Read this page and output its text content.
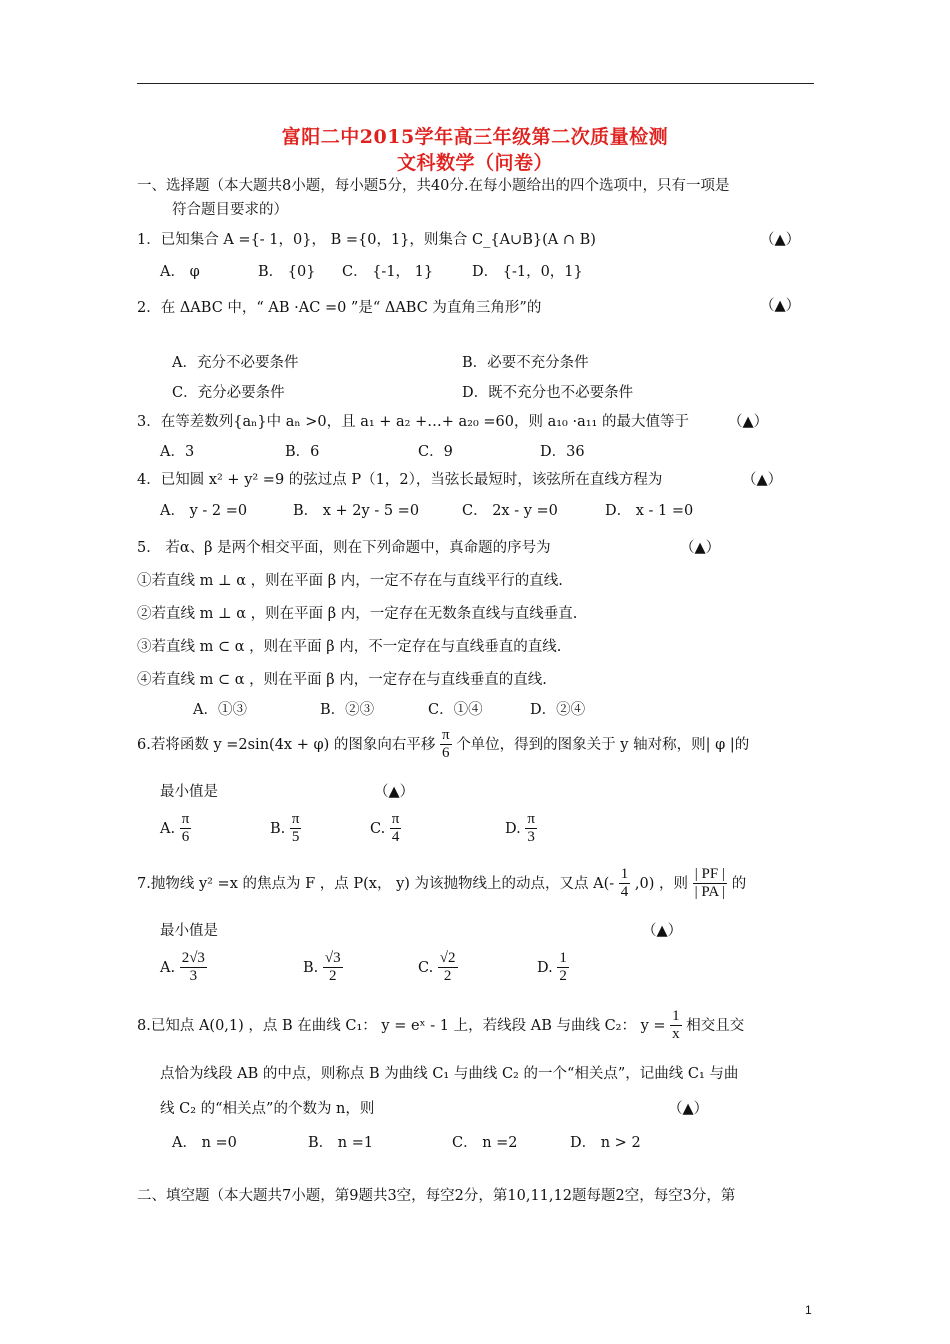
富阳二中2015学年高三年级第二次质量检测
文科数学（问卷）
一、选择题（本大题共8小题，每小题5分，共40分.在每小题给出的四个选项中，只有一项是
符合题目要求的）
1．已知集合 A ={- 1，0}， B ={0，1}，则集合 C_{A∪B}(A ∩ B)	（▲）
A． φ	B． {0} C． {-1， 1}	D． {-1，0，1}
2．在 ΔABC 中，“ AB ·AC =0 ”是“ ΔABC 为直角三角形”的	（▲）
A．充分不必要条件	B．必要不充分条件
C．充分必要条件	D．既不充分也不必要条件
3．在等差数列{aₙ}中 aₙ >0，且 a₁ + a₂ +…+ a₂₀ =60，则 a₁₀ ·a₁₁ 的最大值等于	（▲）
A．3	B．6	C．9	D．36
4．已知圆 x² + y² =9 的弦过点 P（1，2），当弦长最短时，该弦所在直线方程为	（▲）
A． y - 2 =0	B． x + 2y - 5 =0	C． 2x - y =0	D． x - 1 =0
5． 若α、β 是两个相交平面，则在下列命题中，真命题的序号为	（▲）
①若直线 m ⊥ α ，则在平面 β 内，一定不存在与直线平行的直线.
②若直线 m ⊥ α ，则在平面 β 内，一定存在无数条直线与直线垂直.
③若直线 m ⊂ α ，则在平面 β 内，不一定存在与直线垂直的直线.
④若直线 m ⊂ α ，则在平面 β 内，一定存在与直线垂直的直线.
A．①③	B．②③	C．①④	D．②④
6.若将函数 y =2sin(4x + φ) 的图象向右平移 $\frac{\pi}{6}$ 个单位，得到的图象关于 y 轴对称，则| φ |的
最小值是	（▲）
A. $\frac{\pi}{6}$	B. $\frac{\pi}{5}$	C. $\frac{\pi}{4}$	D. $\frac{\pi}{3}$
7.抛物线 y² =x 的焦点为 F ，点 P(x， y) 为该抛物线上的动点，又点 $A(- \frac{1}{4} ,0)$ ，则 $\frac{| PF |}{| PA |}$ 的
最小值是	（▲）
A. $\frac{2√3}{3}$	B. $\frac{√3}{2}$	C. $\frac{√2}{2}$	D. $\frac{1}{2}$
8.已知点 A(0,1) ，点 B 在曲线 C₁： y = eˣ - 1 上，若线段 AB 与曲线 C₂： $y = \frac{1}{x}$ 相交且交
点恰为线段 AB 的中点，则称点 B 为曲线 C₁ 与曲线 C₂ 的一个“相关点”，记曲线 C₁ 与曲
线 C₂ 的“相关点”的个数为 n，则	（▲）
A． n =0	B． n =1	C． n =2	D． n > 2
二、填空题（本大题共7小题，第9题共3空，每空2分，第10,11,12题每题2空，每空3分，第
1
